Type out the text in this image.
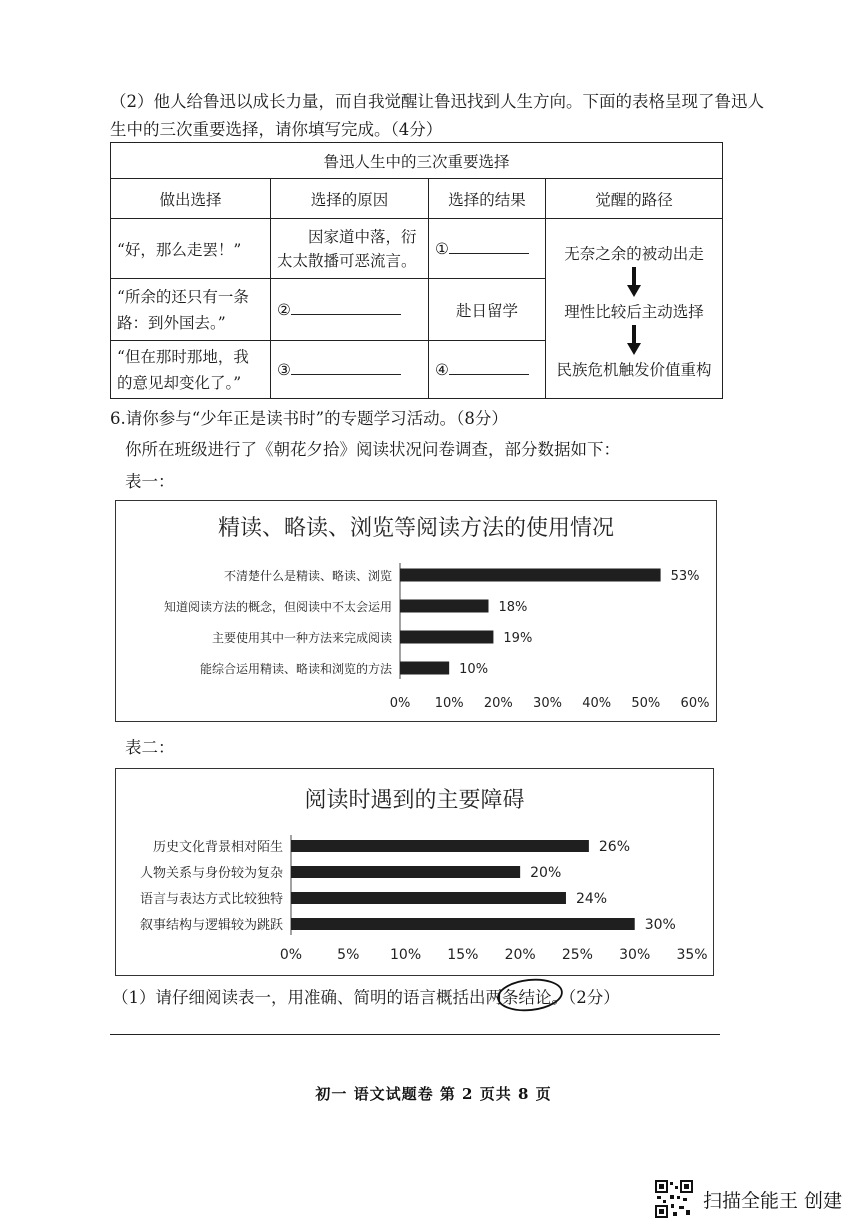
（2）他人给鲁迅以成长力量，而自我觉醒让鲁迅找到人生方向。下面的表格呈现了鲁迅人
生中的三次重要选择，请你填写完成。（4分）
鲁迅人生中的三次重要选择			
做出选择	选择的原因	选择的结果	觉醒的路径
“好，那么走罢！”	因家道中落，衍太太散播可恶流言。	①	无奈之余的被动出走
理性比较后主动选择
民族危机触发价值重构

“所余的还只有一条路：到外国去。”	②	赴日留学	
“但在那时那地，我的意见却变化了。”	③	④	
6.请你参与“少年正是读书时”的专题学习活动。（8分）
你所在班级进行了《朝花夕拾》阅读状况问卷调查，部分数据如下：
表一：
精读、略读、浏览等阅读方法的使用情况
不清楚什么是精读、略读、浏览	53%
知道阅读方法的概念，但阅读中不太会运用	18%
主要使用其中一种方法来完成阅读	19%
能综合运用精读、略读和浏览的方法	10%
0% 10% 20% 30% 40% 50% 60%
表二：
阅读时遇到的主要障碍
历史文化背景相对陌生	26%
人物关系与身份较为复杂	20%
语言与表达方式比较独特	24%
叙事结构与逻辑较为跳跃	30%
0%	5% 10% 15% 20% 25% 30% 35%
（1）请仔细阅读表一，用准确、简明的语言概括出两条结论。（2分）
初一 语文试题卷 第 2 页共 8 页
扫描全能王 创建
